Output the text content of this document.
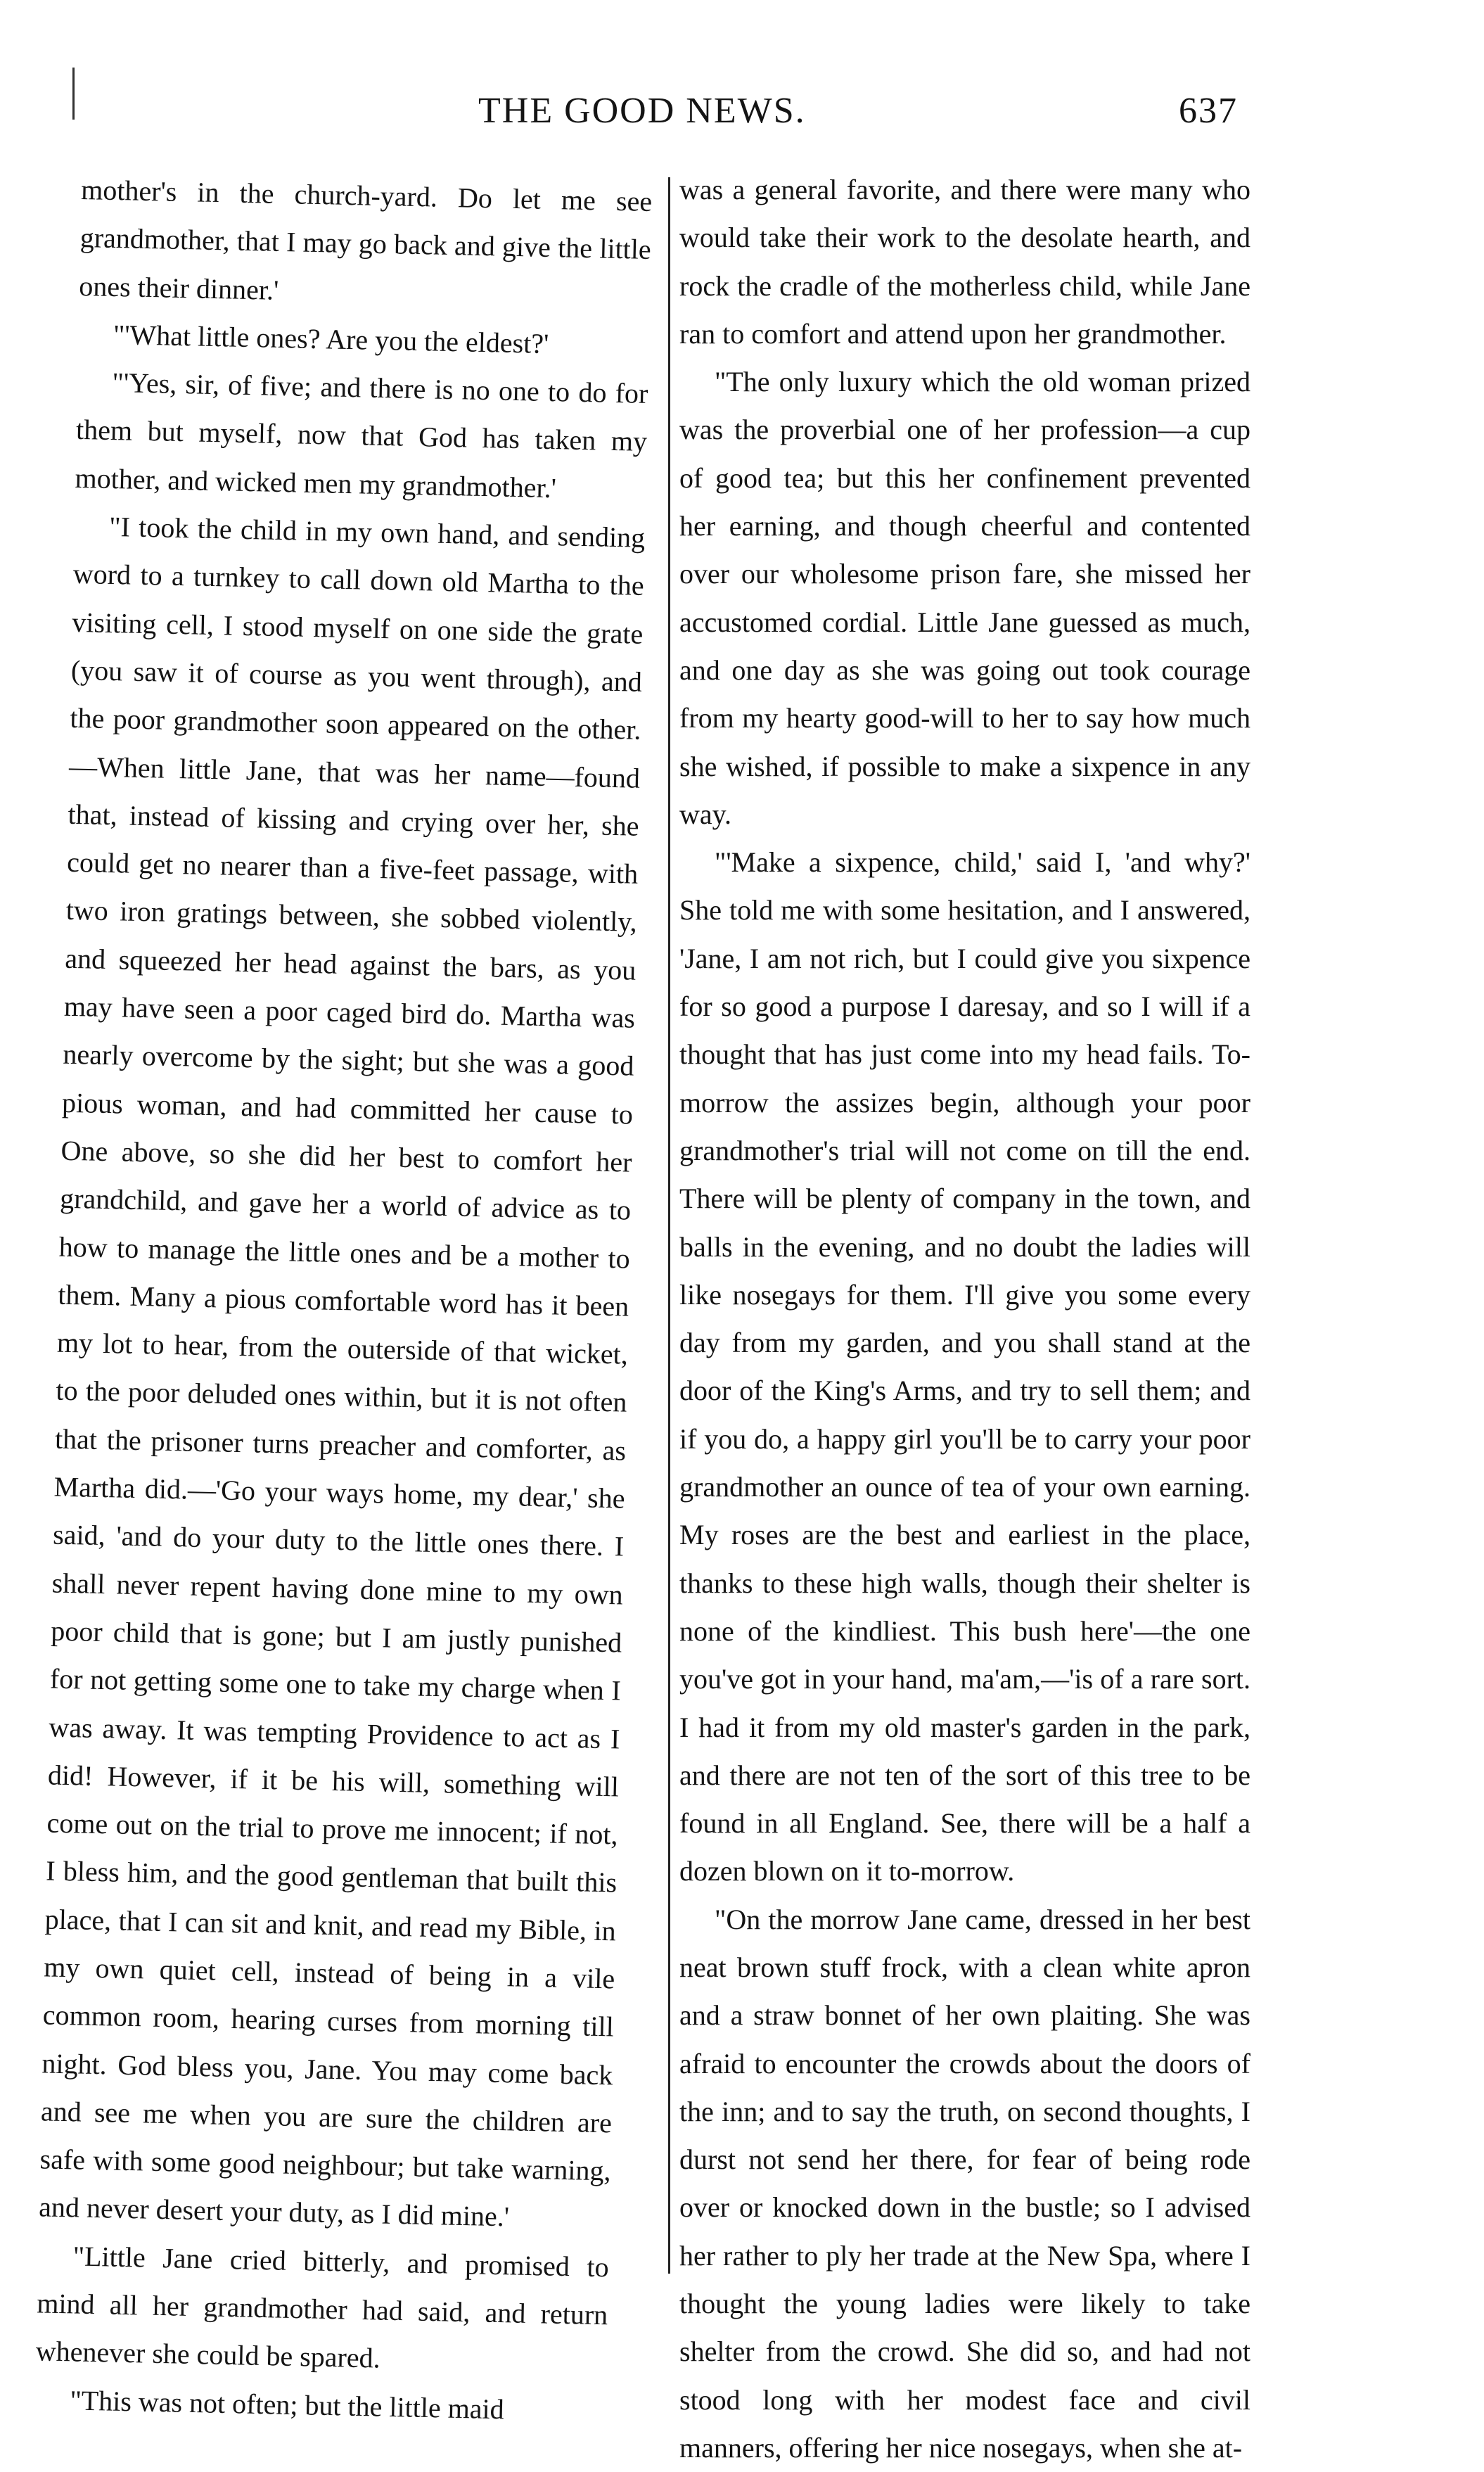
THE GOOD NEWS.	637

mother's in the church-yard. Do let me see grandmother, that I may go back and give the little ones their dinner.'

"'What little ones? Are you the eldest?'

"'Yes, sir, of five; and there is no one to do for them but myself, now that God has taken my mother, and wicked men my grandmother.'

"I took the child in my own hand, and sending word to a turnkey to call down old Martha to the visiting cell, I stood myself on one side the grate (you saw it of course as you went through), and the poor grandmother soon appeared on the other.—When little Jane, that was her name—found that, instead of kissing and crying over her, she could get no nearer than a five-feet passage, with two iron gratings between, she sobbed violently, and squeezed her head against the bars, as you may have seen a poor caged bird do. Martha was nearly overcome by the sight; but she was a good pious woman, and had committed her cause to One above, so she did her best to comfort her grandchild, and gave her a world of advice as to how to manage the little ones and be a mother to them. Many a pious comfortable word has it been my lot to hear, from the outerside of that wicket, to the poor deluded ones within, but it is not often that the prisoner turns preacher and comforter, as Martha did.—'Go your ways home, my dear,' she said, 'and do your duty to the little ones there. I shall never repent having done mine to my own poor child that is gone; but I am justly punished for not getting some one to take my charge when I was away. It was tempting Providence to act as I did! However, if it be his will, something will come out on the trial to prove me innocent; if not, I bless him, and the good gentleman that built this place, that I can sit and knit, and read my Bible, in my own quiet cell, instead of being in a vile common room, hearing curses from morning till night. God bless you, Jane. You may come back and see me when you are sure the children are safe with some good neighbour; but take warning, and never desert your duty, as I did mine.'

"Little Jane cried bitterly, and promised to mind all her grandmother had said, and return whenever she could be spared.

"This was not often; but the little maid

was a general favorite, and there were many who would take their work to the desolate hearth, and rock the cradle of the motherless child, while Jane ran to comfort and attend upon her grandmother.

"The only luxury which the old woman prized was the proverbial one of her profession—a cup of good tea; but this her confinement prevented her earning, and though cheerful and contented over our wholesome prison fare, she missed her accustomed cordial. Little Jane guessed as much, and one day as she was going out took courage from my hearty good-will to her to say how much she wished, if possible to make a sixpence in any way.

"'Make a sixpence, child,' said I, 'and why?' She told me with some hesitation, and I answered, 'Jane, I am not rich, but I could give you sixpence for so good a purpose I daresay, and so I will if a thought that has just come into my head fails. To-morrow the assizes begin, although your poor grandmother's trial will not come on till the end. There will be plenty of company in the town, and balls in the evening, and no doubt the ladies will like nosegays for them. I'll give you some every day from my garden, and you shall stand at the door of the King's Arms, and try to sell them; and if you do, a happy girl you'll be to carry your poor grandmother an ounce of tea of your own earning. My roses are the best and earliest in the place, thanks to these high walls, though their shelter is none of the kindliest. This bush here'—the one you've got in your hand, ma'am,—'is of a rare sort. I had it from my old master's garden in the park, and there are not ten of the sort of this tree to be found in all England. See, there will be a half a dozen blown on it to-morrow.

"On the morrow Jane came, dressed in her best neat brown stuff frock, with a clean white apron and a straw bonnet of her own plaiting. She was afraid to encounter the crowds about the doors of the inn; and to say the truth, on second thoughts, I durst not send her there, for fear of being rode over or knocked down in the bustle; so I advised her rather to ply her trade at the New Spa, where I thought the young ladies were likely to take shelter from the crowd. She did so, and had not stood long with her modest face and civil manners, offering her nice nosegays, when she at-
